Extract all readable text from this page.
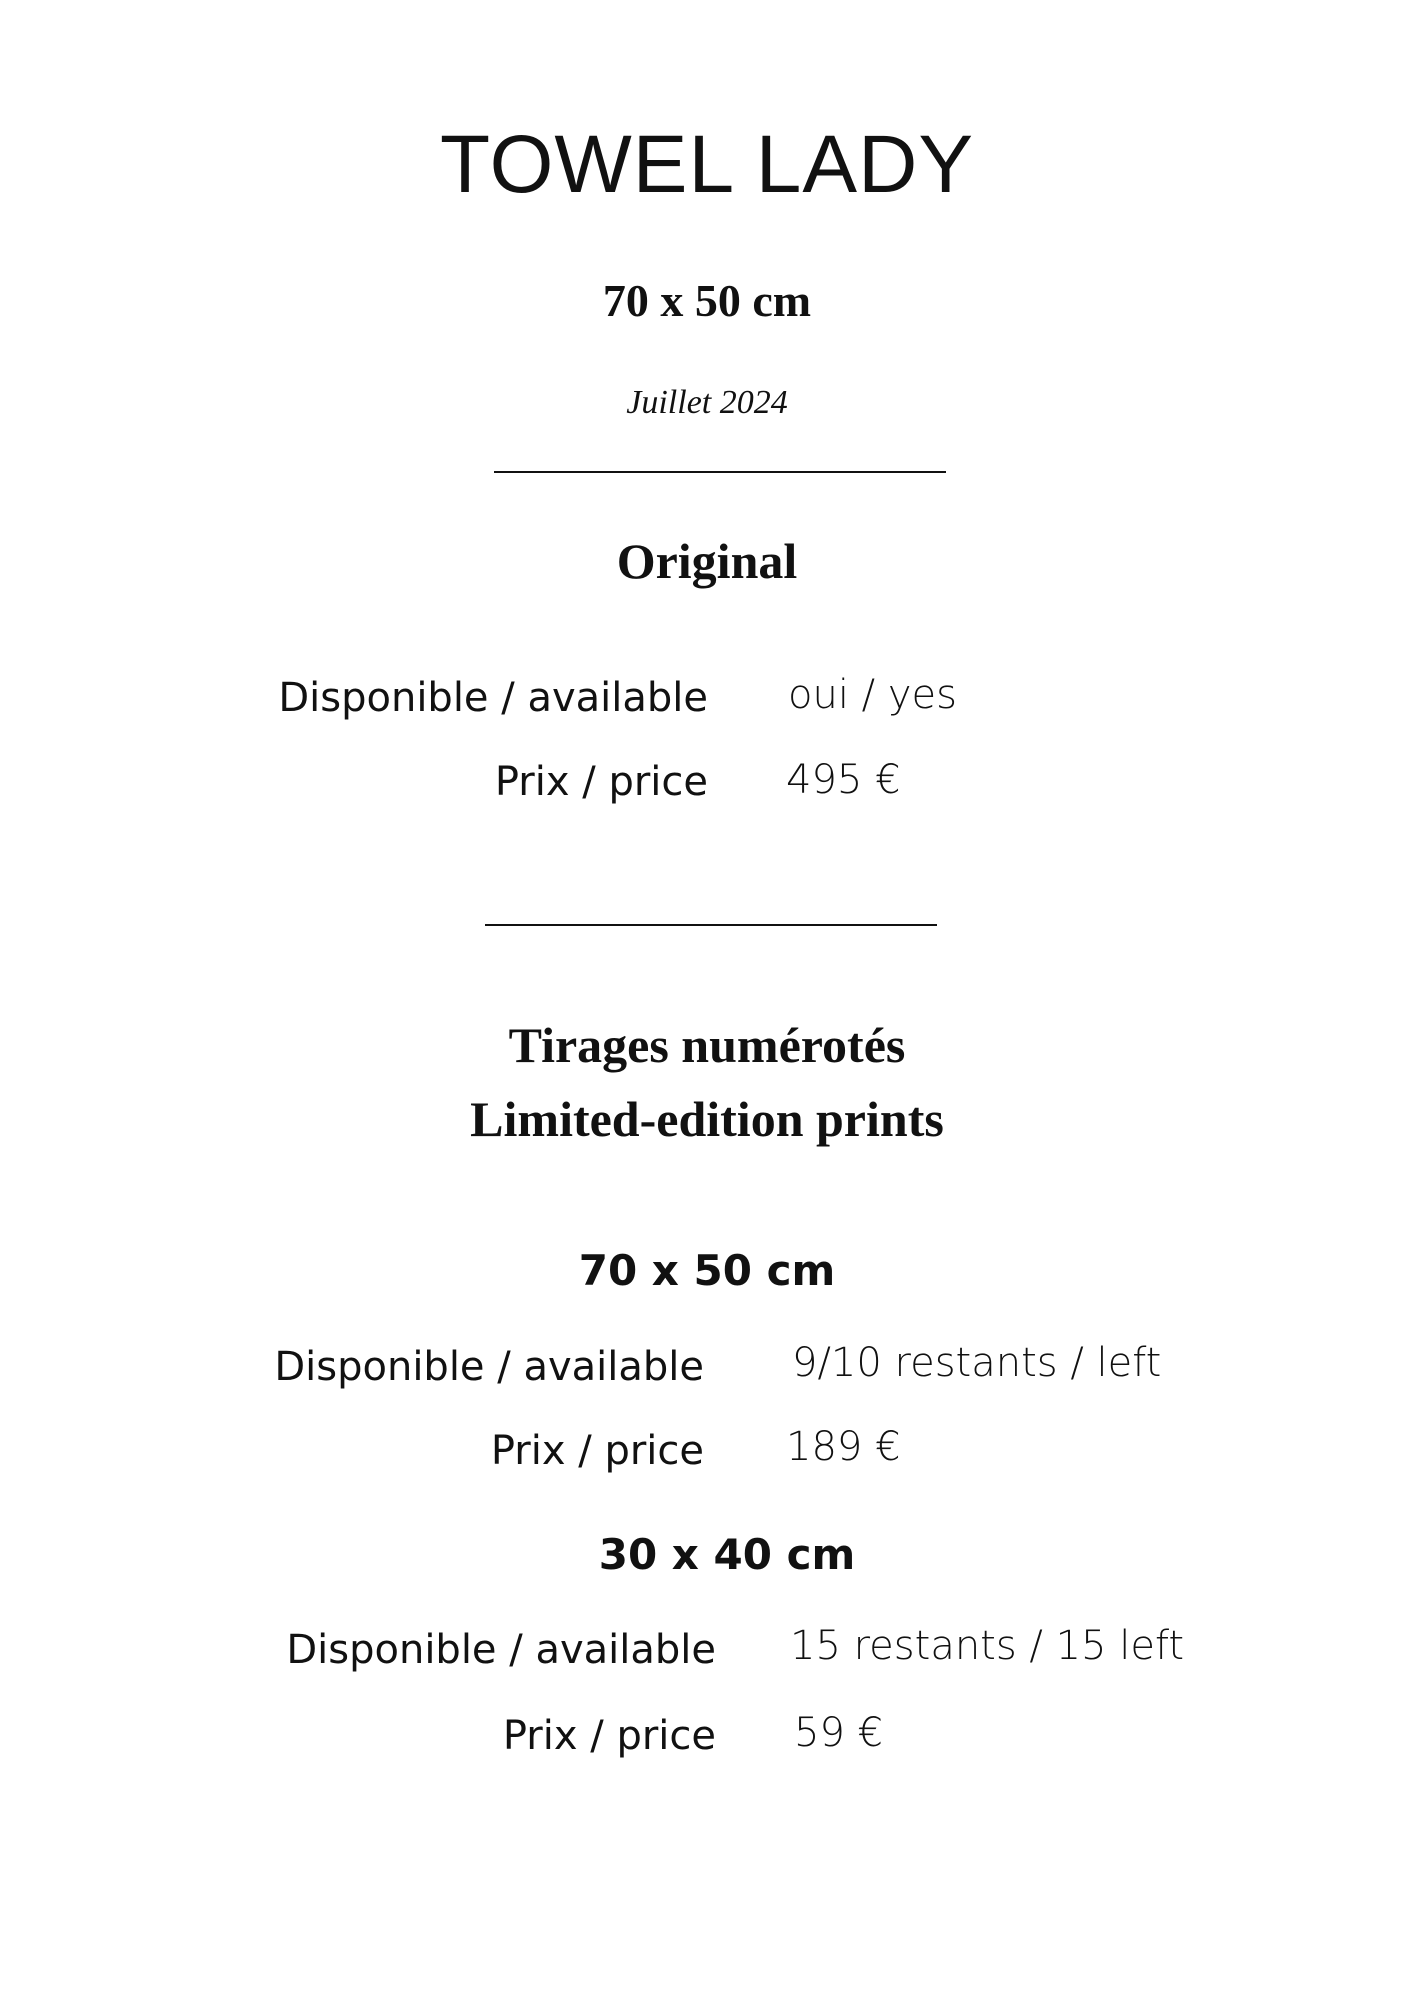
TOWEL LADY
70 x 50 cm
Juillet 2024
Original
Disponible / available oui / yes
Prix / price 495 €
Tirages numérotés
Limited-edition prints
70 x 50 cm
Disponible / available 9/10 restants / left
Prix / price 189 €
30 x 40 cm
Disponible / available 15 restants / 15 left
Prix / price 59 €
